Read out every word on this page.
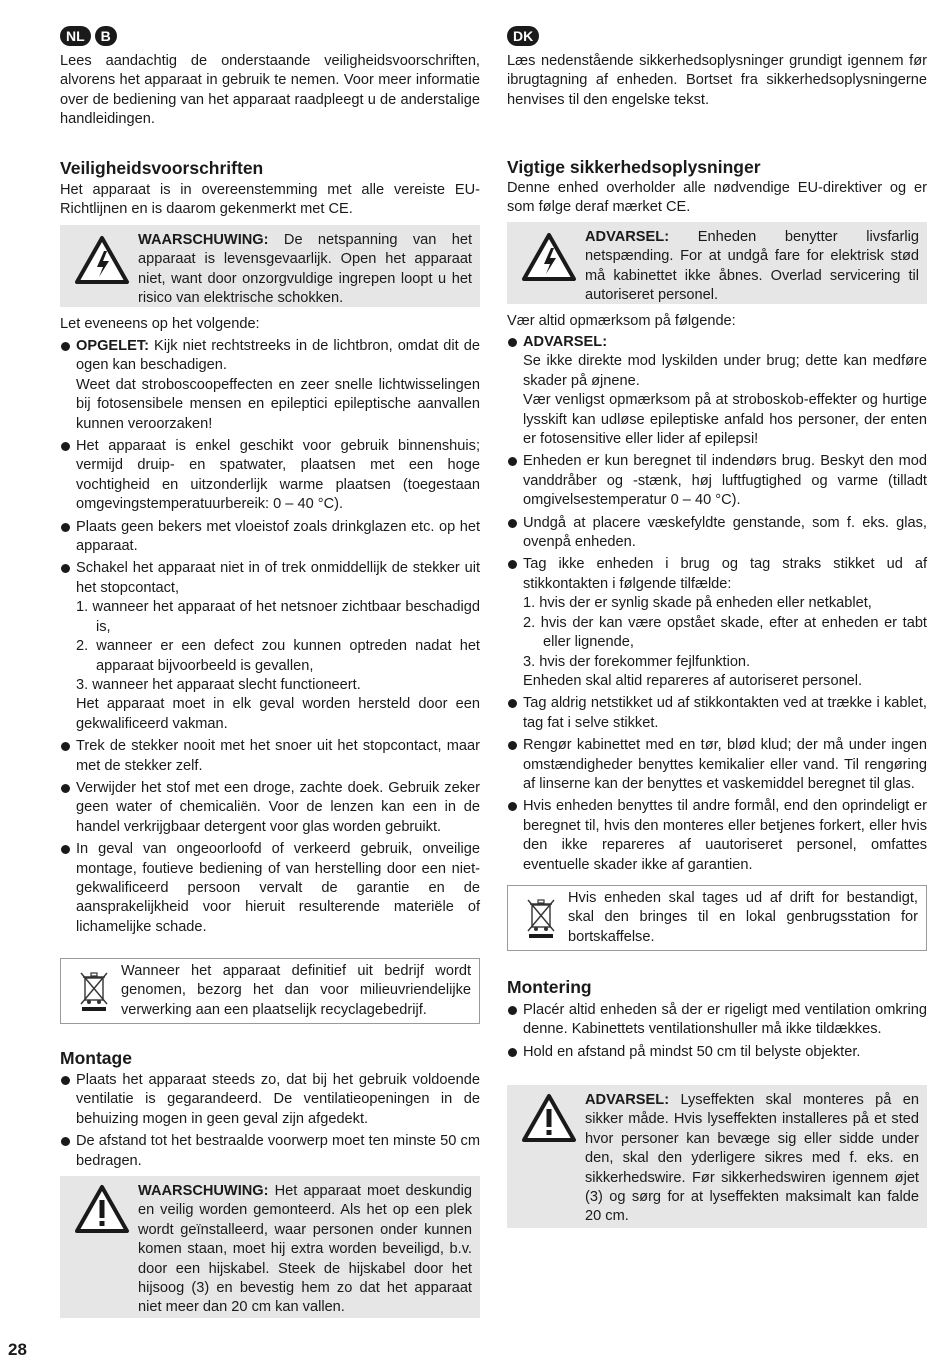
NL	B

Lees aandachtig de onderstaande veiligheidsvoorschriften, alvorens het apparaat in gebruik te nemen. Voor meer informatie over de bediening van het apparaat raadpleegt u de anderstalige handleidingen.

Veiligheidsvoorschriften

Het apparaat is in overeenstemming met alle vereiste EU-Richtlijnen en is daarom gekenmerkt met CE.

WAARSCHUWING: De netspanning van het apparaat is levensgevaarlijk. Open het apparaat niet, want door onzorgvuldige ingrepen loopt u het risico van elektrische schokken.

Let eveneens op het volgende:

OPGELET: Kijk niet rechtstreeks in de lichtbron, omdat dit de ogen kan beschadigen.
Weet dat stroboscoopeffecten en zeer snelle lichtwisselingen bij fotosensibele mensen en epileptici epileptische aanvallen kunnen veroorzaken!
Het apparaat is enkel geschikt voor gebruik binnenshuis; vermijd druip- en spatwater, plaatsen met een hoge vochtigheid en uitzonderlijk warme plaatsen (toegestaan omgevingstemperatuurbereik: 0 – 40 °C).
Plaats geen bekers met vloeistof zoals drinkglazen etc. op het apparaat.
Schakel het apparaat niet in of trek onmiddellijk de stekker uit het stopcontact,
1. wanneer het apparaat of het netsnoer zichtbaar beschadigd is,
2. wanneer er een defect zou kunnen optreden nadat het apparaat bijvoorbeeld is gevallen,
3. wanneer het apparaat slecht functioneert.
Het apparaat moet in elk geval worden hersteld door een gekwalificeerd vakman.
Trek de stekker nooit met het snoer uit het stopcontact, maar met de stekker zelf.
Verwijder het stof met een droge, zachte doek. Gebruik zeker geen water of chemicaliën. Voor de lenzen kan een in de handel verkrijgbaar detergent voor glas worden gebruikt.
In geval van ongeoorloofd of verkeerd gebruik, onveilige montage, foutieve bediening of van herstelling door een niet-gekwalificeerd persoon vervalt de garantie en de aansprakelijkheid voor hieruit resulterende materiële of lichamelijke schade.
Wanneer het apparaat definitief uit bedrijf wordt genomen, bezorg het dan voor milieuvriendelijke verwerking aan een plaatselijk recyclagebedrijf.
Montage
Plaats het apparaat steeds zo, dat bij het gebruik voldoende ventilatie is gegarandeerd. De ventilatieopeningen in de behuizing mogen in geen geval zijn afgedekt.
De afstand tot het bestraalde voorwerp moet ten minste 50 cm bedragen.
WAARSCHUWING: Het apparaat moet deskundig en veilig worden gemonteerd. Als het op een plek wordt geïnstalleerd, waar personen onder kunnen komen staan, moet hij extra worden beveiligd, b.v. door een hijskabel. Steek de hijskabel door het hijsoog (3) en bevestig hem zo dat het apparaat niet meer dan 20 cm kan vallen.
DK

Læs nedenstående sikkerhedsoplysninger grundigt igennem før ibrugtagning af enheden. Bortset fra sikkerhedsoplysningerne henvises til den engelske tekst.

Vigtige sikkerhedsoplysninger

Denne enhed overholder alle nødvendige EU-direktiver og er som følge deraf mærket CE.

ADVARSEL: Enheden benytter livsfarlig netspænding. For at undgå fare for elektrisk stød må kabinettet ikke åbnes. Overlad servicering til autoriseret personel.

Vær altid opmærksom på følgende:

ADVARSEL:
Se ikke direkte mod lyskilden under brug; dette kan medføre skader på øjnene.
Vær venligst opmærksom på at stroboskob-effekter og hurtige lysskift kan udløse epileptiske anfald hos personer, der enten er fotosensitive eller lider af epilepsi!
Enheden er kun beregnet til indendørs brug. Beskyt den mod vanddråber og -stænk, høj luftfugtighed og varme (tilladt omgivelsestemperatur 0 – 40 °C).
Undgå at placere væskefyldte genstande, som f. eks. glas, ovenpå enheden.
Tag ikke enheden i brug og tag straks stikket ud af stikkontakten i følgende tilfælde:
1. hvis der er synlig skade på enheden eller netkablet,
2. hvis der kan være opstået skade, efter at enheden er tabt eller lignende,
3. hvis der forekommer fejlfunktion.
Enheden skal altid repareres af autoriseret personel.
Tag aldrig netstikket ud af stikkontakten ved at trække i kablet, tag fat i selve stikket.
Rengør kabinettet med en tør, blød klud; der må under ingen omstændigheder benyttes kemikalier eller vand. Til rengøring af linserne kan der benyttes et vaskemiddel beregnet til glas.
Hvis enheden benyttes til andre formål, end den oprindeligt er beregnet til, hvis den monteres eller betjenes forkert, eller hvis den ikke repareres af uautoriseret personel, omfattes eventuelle skader ikke af garantien.
Hvis enheden skal tages ud af drift for bestandigt, skal den bringes til en lokal genbrugsstation for bortskaffelse.
Montering
Placér altid enheden så der er rigeligt med ventilation omkring denne. Kabinettets ventilationshuller må ikke tildækkes.
Hold en afstand på mindst 50 cm til belyste objekter.
ADVARSEL: Lyseffekten skal monteres på en sikker måde. Hvis lyseffekten installeres på et sted hvor personer kan bevæge sig eller sidde under den, skal den yderligere sikres med f. eks. en sikkerhedswire. Før sikkerhedswiren igennem øjet (3) og sørg for at lyseffekten maksimalt kan falde 20 cm.
28
